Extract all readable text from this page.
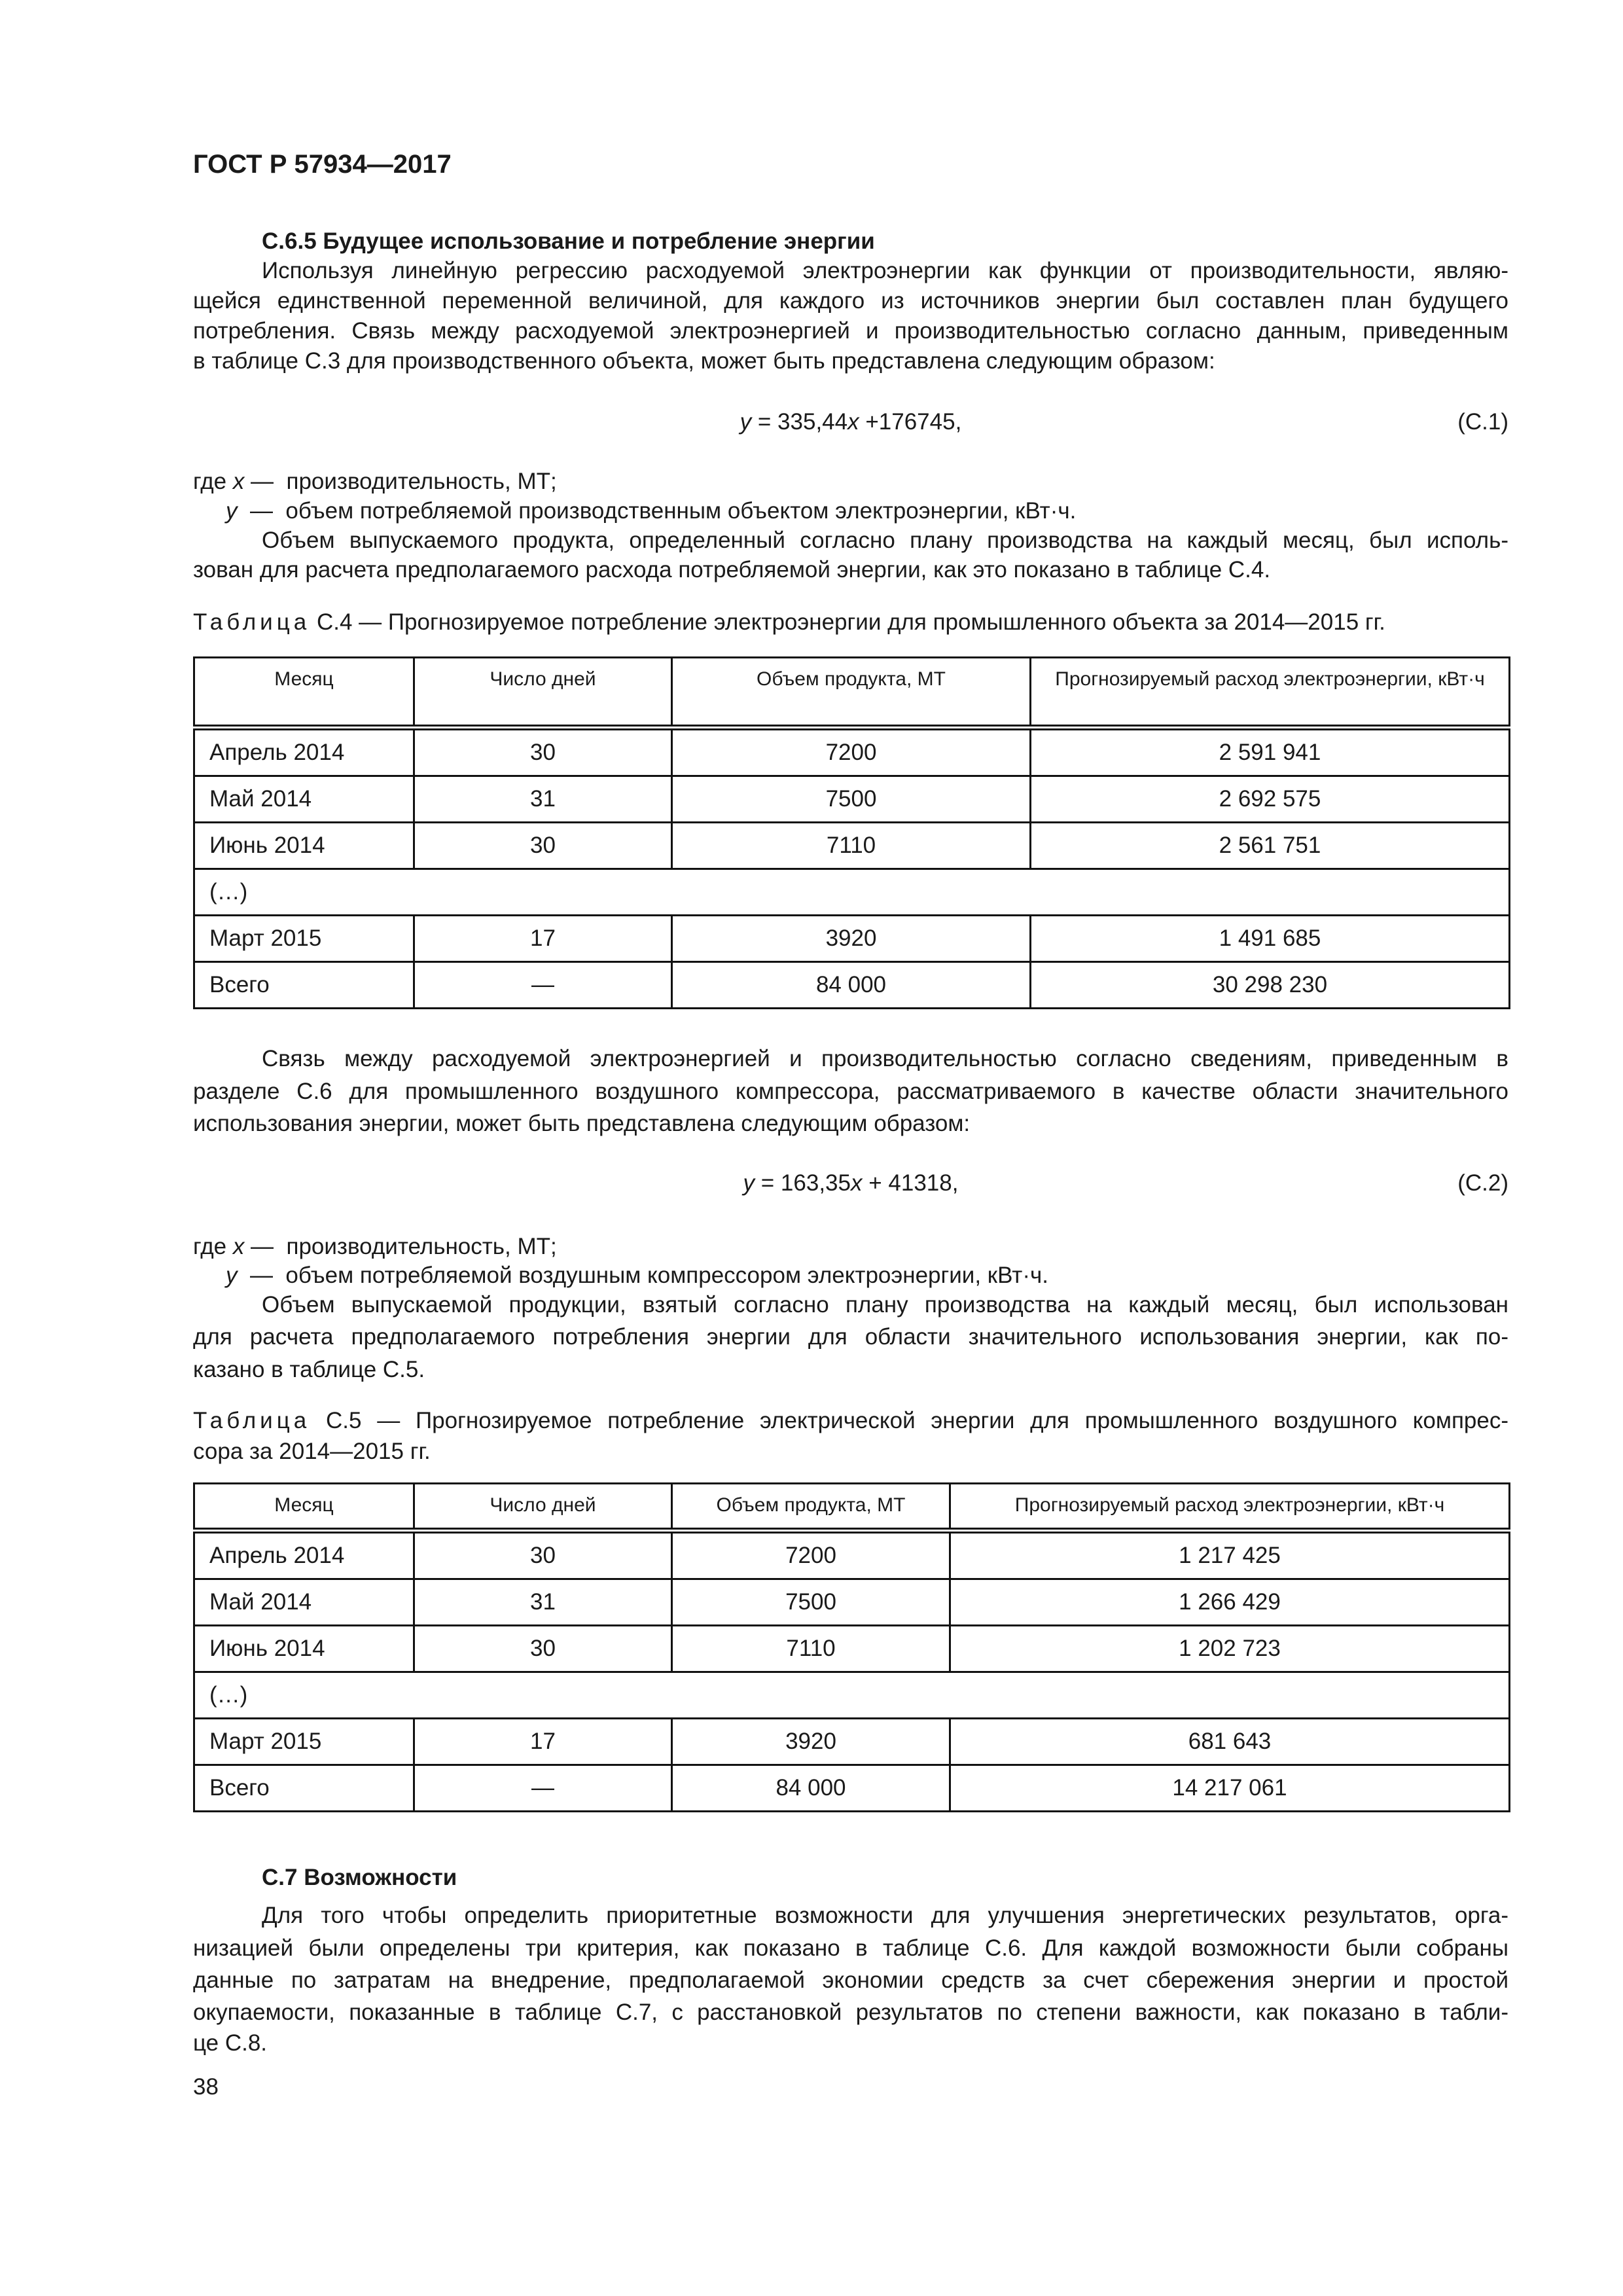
ГОСТ Р 57934—2017
С.6.5 Будущее использование и потребление энергии
Используя линейную регрессию расходуемой электроэнергии как функции от производительности, являю-
щейся единственной переменной величиной, для каждого из источников энергии был составлен план будущего
потребления. Связь между расходуемой электроэнергией и производительностью согласно данным, приведенным
в таблице С.3 для производственного объекта, может быть представлена следующим образом:
y = 335,44x +176745,	(С.1)
где x — производительность, МТ;
y — объем потребляемой производственным объектом электроэнергии, кВт·ч.
Объем выпускаемого продукта, определенный согласно плану производства на каждый месяц, был исполь-
зован для расчета предполагаемого расхода потребляемой энергии, как это показано в таблице С.4.
Таблица С.4 — Прогнозируемое потребление электроэнергии для промышленного объекта за 2014—2015 гг.
Месяц	Число дней	Объем продукта, МТ	Прогнозируемый расход электроэнергии, кВт·ч
Апрель 2014	30	7200	2 591 941
Май 2014	31	7500	2 692 575
Июнь 2014	30	7110	2 561 751
(…)			
Март 2015	17	3920	1 491 685
Всего	—	84 000	30 298 230
Связь между расходуемой электроэнергией и производительностью согласно сведениям, приведенным в
разделе С.6 для промышленного воздушного компрессора, рассматриваемого в качестве области значительного
использования энергии, может быть представлена следующим образом:
y = 163,35x + 41318,	(С.2)
где x — производительность, МТ;
y — объем потребляемой воздушным компрессором электроэнергии, кВт·ч.
Объем выпускаемой продукции, взятый согласно плану производства на каждый месяц, был использован
для расчета предполагаемого потребления энергии для области значительного использования энергии, как по-
казано в таблице С.5.
Таблица С.5 — Прогнозируемое потребление электрической энергии для промышленного воздушного компрес-
сора за 2014—2015 гг.
Месяц	Число дней	Объем продукта, МТ	Прогнозируемый расход электроэнергии, кВт·ч
Апрель 2014	30	7200	1 217 425
Май 2014	31	7500	1 266 429
Июнь 2014	30	7110	1 202 723
(…)			
Март 2015	17	3920	681 643
Всего	—	84 000	14 217 061
С.7 Возможности
Для того чтобы определить приоритетные возможности для улучшения энергетических результатов, орга-
низацией были определены три критерия, как показано в таблице С.6. Для каждой возможности были собраны
данные по затратам на внедрение, предполагаемой экономии средств за счет сбережения энергии и простой
окупаемости, показанные в таблице С.7, с расстановкой результатов по степени важности, как показано в табли-
це С.8.
38
